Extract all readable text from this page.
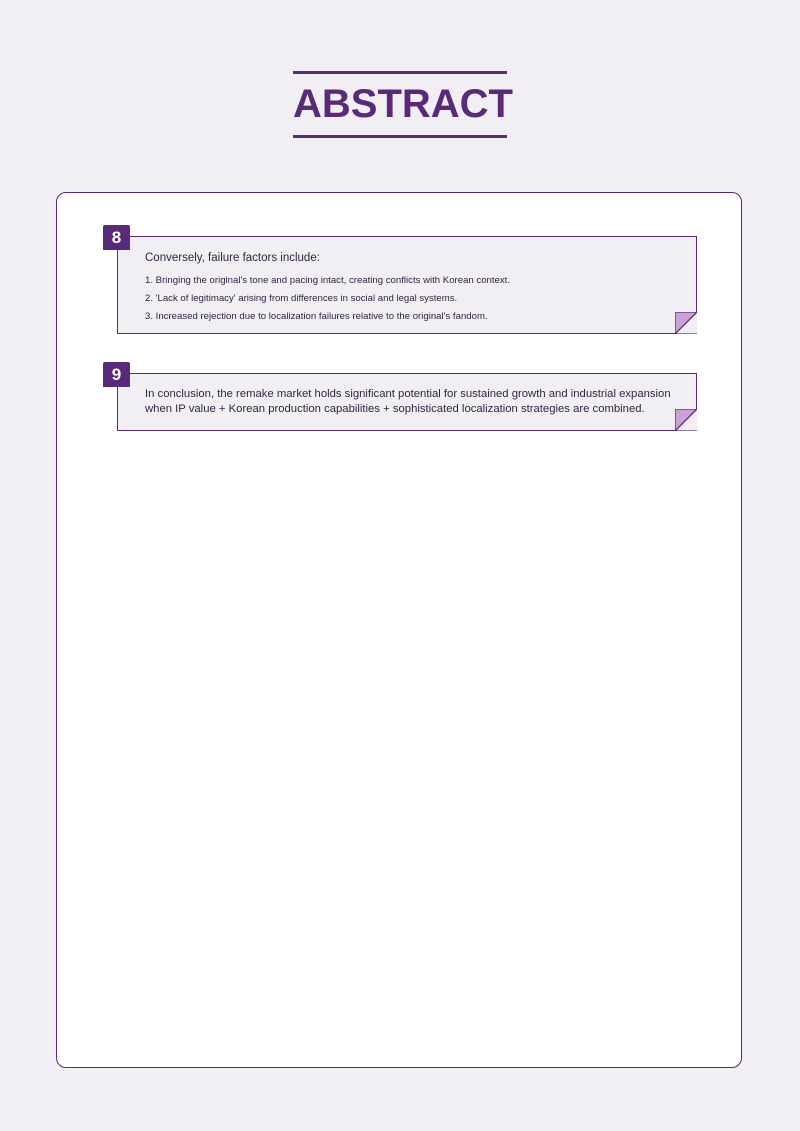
ABSTRACT
Conversely, failure factors include:
1. Bringing the original's tone and pacing intact, creating conflicts with Korean context.
2. 'Lack of legitimacy' arising from differences in social and legal systems.
3. Increased rejection due to localization failures relative to the original's fandom.
8
In conclusion, the remake market holds significant potential for sustained growth and industrial expansion
when IP value + Korean production capabilities + sophisticated localization strategies are combined.
9
